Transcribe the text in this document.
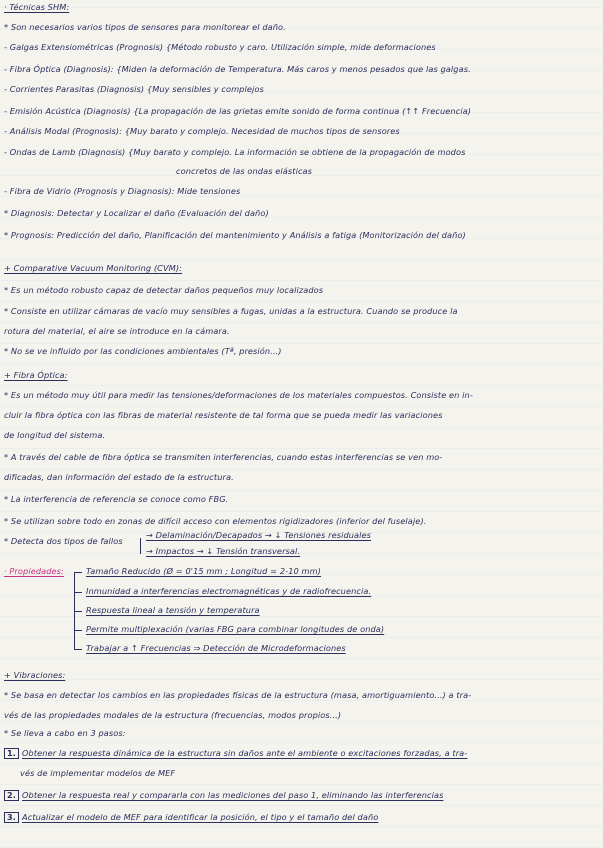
· Técnicas SHM:
* Son necesarios varios tipos de sensores para monitorear el daño.
- Galgas Extensiométricas (Prognosis) {Método robusto y caro. Utilización simple, mide deformaciones
- Fibra Óptica (Diagnosis): {Miden la deformación de Temperatura. Más caros y menos pesados que las galgas.
- Corrientes Parasitas (Diagnosis) {Muy sensibles y complejos
- Emisión Acústica (Diagnosis) {La propagación de las grietas emite sonido de forma continua (↑↑ Frecuencia)
- Análisis Modal (Prognosis): {Muy barato y complejo. Necesidad de muchos tipos de sensores
- Ondas de Lamb (Diagnosis) {Muy barato y complejo. La información se obtiene de la propagación de modos
concretos de las ondas elásticas
- Fibra de Vidrio (Prognosis y Diagnosis): Mide tensiones
* Diagnosis: Detectar y Localizar el daño (Evaluación del daño)
* Prognosis: Predicción del daño, Planificación del mantenimiento y Análisis a fatiga (Monitorización del daño)
+ Comparative Vacuum Monitoring (CVM):
* Es un método robusto capaz de detectar daños pequeños muy localizados
* Consiste en utilizar cámaras de vacío muy sensibles a fugas, unidas a la estructura. Cuando se produce la
rotura del material, el aire se introduce en la cámara.
* No se ve influido por las condiciones ambientales (Tª, presión...)
+ Fibra Óptica:
* Es un método muy útil para medir las tensiones/deformaciones de los materiales compuestos. Consiste en in-
cluir la fibra óptica con las fibras de material resistente de tal forma que se pueda medir las variaciones
de longitud del sistema.
* A través del cable de fibra óptica se transmiten interferencias, cuando estas interferencias se ven mo-
dificadas, dan información del estado de la estructura.
* La interferencia de referencia se conoce como FBG.
* Se utilizan sobre todo en zonas de difícil acceso con elementos rigidizadores (inferior del fuselaje).
* Detecta dos tipos de fallos
→ Delaminación/Decapados → ↓ Tensiones residuales
→ Impactos → ↓ Tensión transversal.
· Propiedades:	Tamaño Reducido (Ø = 0'15 mm ; Longitud = 2-10 mm)
Inmunidad a interferencias electromagnéticas y de radiofrecuencia.
Respuesta lineal a tensión y temperatura
Permite multiplexación (varias FBG para combinar longitudes de onda)
Trabajar a ↑ Frecuencias ⇒ Detección de Microdeformaciones
+ Vibraciones:
* Se basa en detectar los cambios en las propiedades físicas de la estructura (masa, amortiguamiento...) a tra-
vés de las propiedades modales de la estructura (frecuencias, modos propios...)
* Se lleva a cabo en 3 pasos:
1. Obtener la respuesta dinámica de la estructura sin daños ante el ambiente o excitaciones forzadas, a tra-
vés de implementar modelos de MEF
2. Obtener la respuesta real y compararla con las mediciones del paso 1, eliminando las interferencias
3. Actualizar el modelo de MEF para identificar la posición, el tipo y el tamaño del daño
